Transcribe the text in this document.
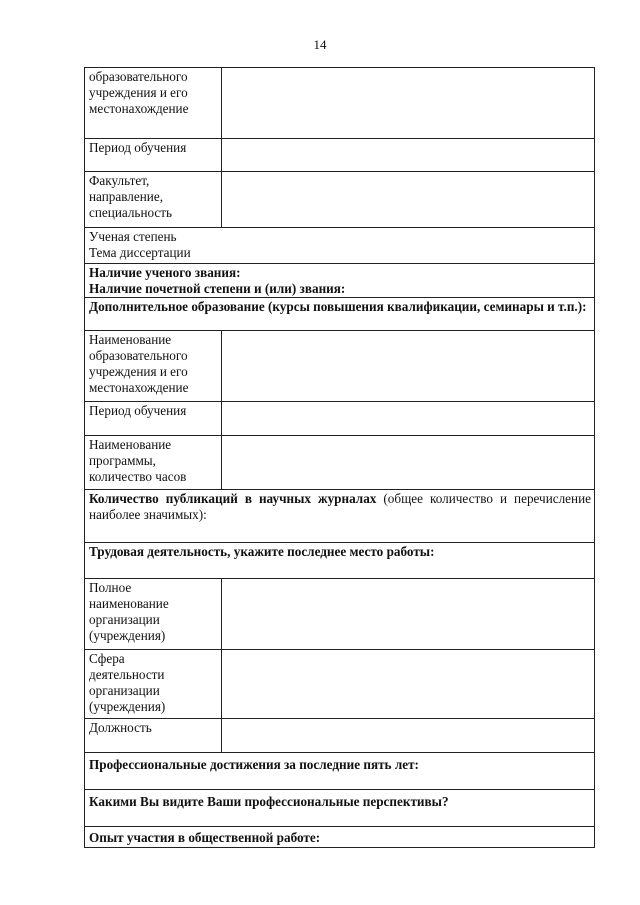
14
образовательного
учреждения и его
местонахождение	

Период обучения	

Факультет,
направление,
специальность	

Ученая степень
Тема диссертации	

Наличие ученого звания:
Наличие почетной степени и (или) звания:	

Дополнительное образование (курсы повышения квалификации, семинары и т.п.):	

Наименование
образовательного
учреждения и его
местонахождение	

Период обучения	

Наименование
программы,
количество часов	

Количество публикаций в научных журналах (общее количество и перечисление наиболее значимых):	
Трудовая деятельность, укажите последнее место работы:	

Полное
наименование
организации
(учреждения)	

Сфера
деятельности
организации
(учреждения)	

Должность	
Профессиональные достижения за последние пять лет:	
Какими Вы видите Ваши профессиональные перспективы?	
Опыт участия в общественной работе:	
